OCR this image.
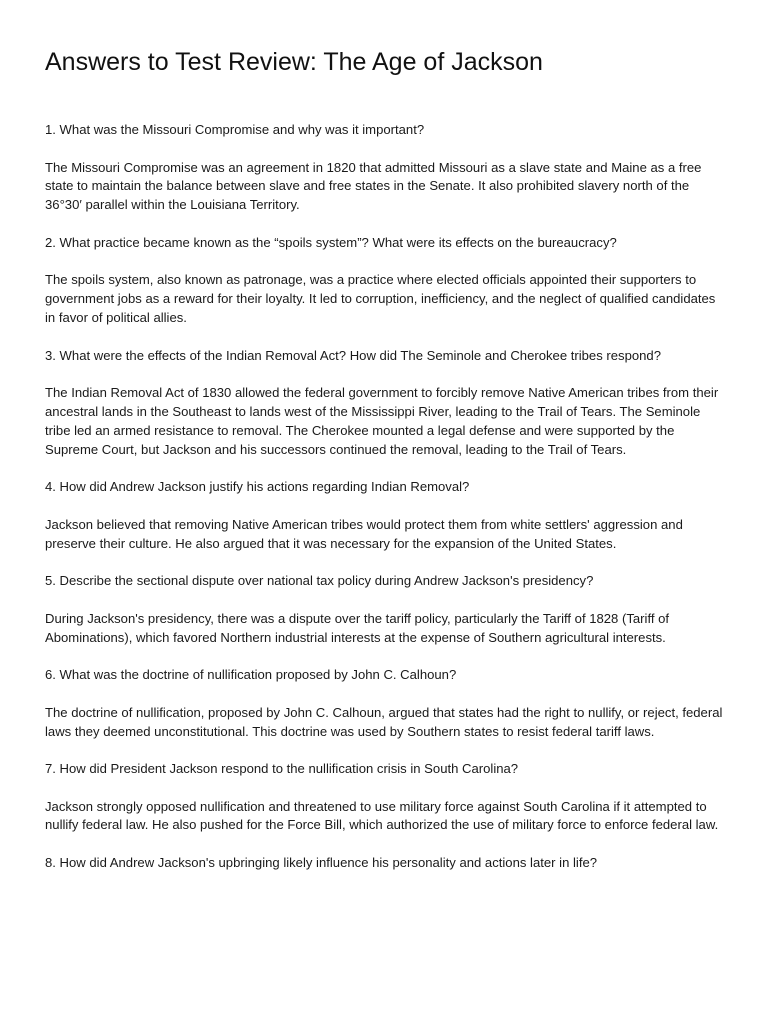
Answers to Test Review: The Age of Jackson

1. What was the Missouri Compromise and why was it important?

The Missouri Compromise was an agreement in 1820 that admitted Missouri as a slave state and Maine as a free state to maintain the balance between slave and free states in the Senate. It also prohibited slavery north of the 36°30′ parallel within the Louisiana Territory.

2. What practice became known as the “spoils system”? What were its effects on the bureaucracy?

The spoils system, also known as patronage, was a practice where elected officials appointed their supporters to government jobs as a reward for their loyalty. It led to corruption, inefficiency, and the neglect of qualified candidates in favor of political allies.

3. What were the effects of the Indian Removal Act? How did The Seminole and Cherokee tribes respond?

The Indian Removal Act of 1830 allowed the federal government to forcibly remove Native American tribes from their ancestral lands in the Southeast to lands west of the Mississippi River, leading to the Trail of Tears. The Seminole tribe led an armed resistance to removal. The Cherokee mounted a legal defense and were supported by the Supreme Court, but Jackson and his successors continued the removal, leading to the Trail of Tears.

4. How did Andrew Jackson justify his actions regarding Indian Removal?

Jackson believed that removing Native American tribes would protect them from white settlers' aggression and preserve their culture. He also argued that it was necessary for the expansion of the United States.

5. Describe the sectional dispute over national tax policy during Andrew Jackson's presidency?

During Jackson's presidency, there was a dispute over the tariff policy, particularly the Tariff of 1828 (Tariff of Abominations), which favored Northern industrial interests at the expense of Southern agricultural interests.

6. What was the doctrine of nullification proposed by John C. Calhoun?

The doctrine of nullification, proposed by John C. Calhoun, argued that states had the right to nullify, or reject, federal laws they deemed unconstitutional. This doctrine was used by Southern states to resist federal tariff laws.

7. How did President Jackson respond to the nullification crisis in South Carolina?

Jackson strongly opposed nullification and threatened to use military force against South Carolina if it attempted to nullify federal law. He also pushed for the Force Bill, which authorized the use of military force to enforce federal law.

8. How did Andrew Jackson's upbringing likely influence his personality and actions later in life?
